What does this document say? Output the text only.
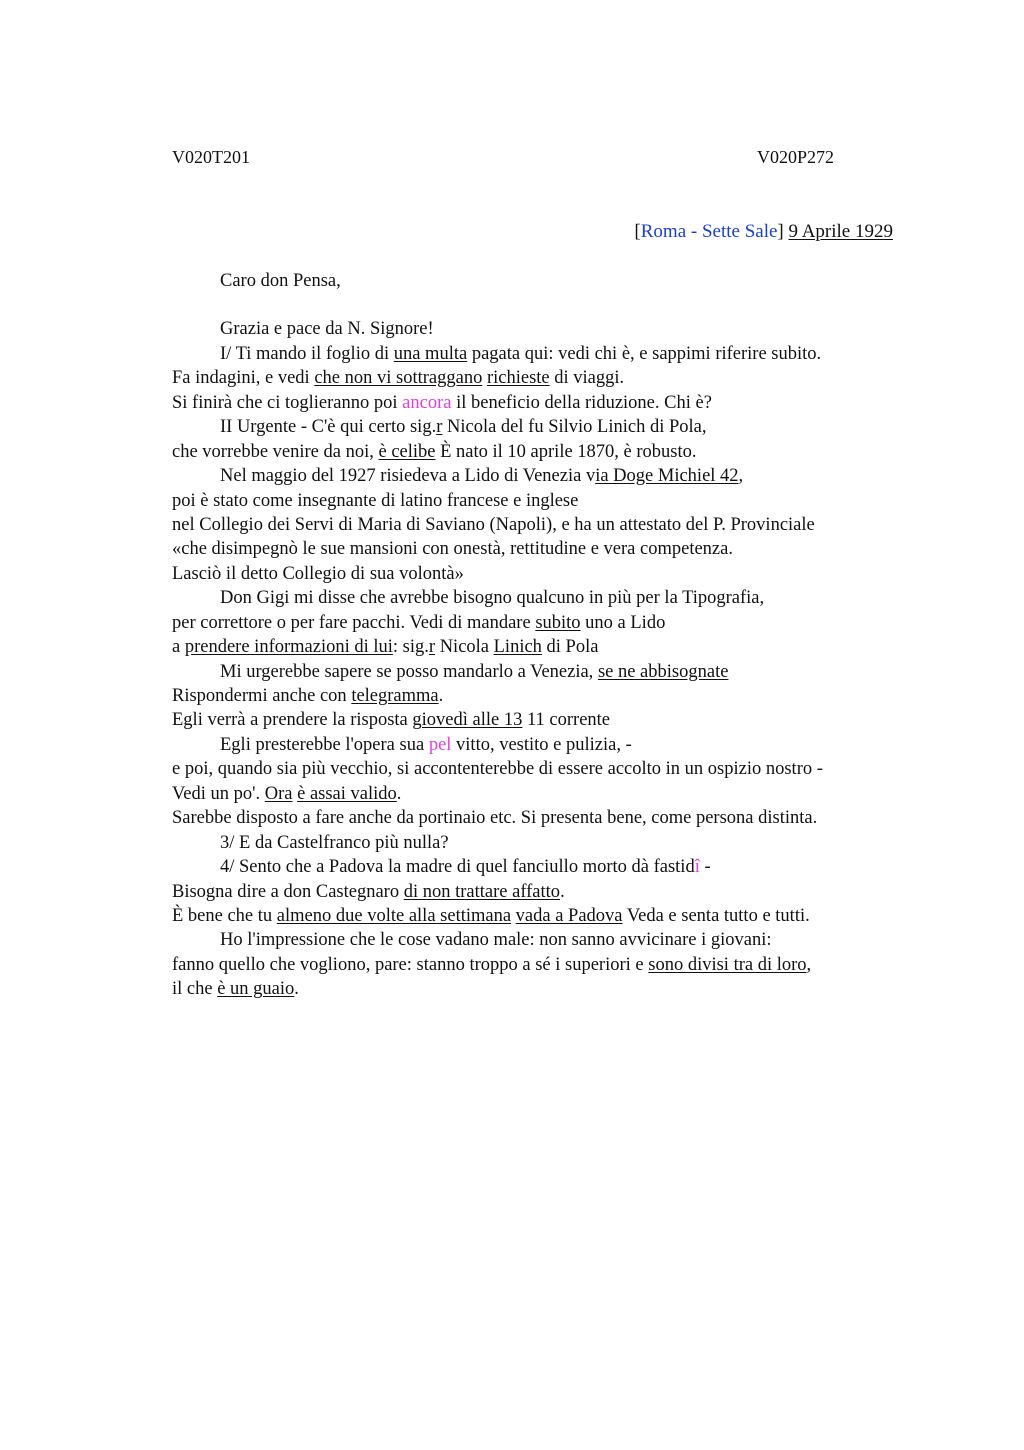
V020T201	V020P272
[Roma - Sette Sale] 9 Aprile 1929
Caro don Pensa,
Grazia e pace da N. Signore!
I/ Ti mando il foglio di una multa pagata qui: vedi chi è, e sappimi riferire subito.
Fa indagini, e vedi che non vi sottraggano richieste di viaggi.
Si finirà che ci toglieranno poi ancora il beneficio della riduzione. Chi è?
II Urgente - C'è qui certo sig.r Nicola del fu Silvio Linich di Pola,
che vorrebbe venire da noi, è celibe È nato il 10 aprile 1870, è robusto.
Nel maggio del 1927 risiedeva a Lido di Venezia via Doge Michiel 42,
poi è stato come insegnante di latino francese e inglese
nel Collegio dei Servi di Maria di Saviano (Napoli), e ha un attestato del P. Provinciale
«che disimpegnò le sue mansioni con onestà, rettitudine e vera competenza.
Lasciò il detto Collegio di sua volontà»
Don Gigi mi disse che avrebbe bisogno qualcuno in più per la Tipografia,
per correttore o per fare pacchi. Vedi di mandare subito uno a Lido
a prendere informazioni di lui: sig.r Nicola Linich di Pola
Mi urgerebbe sapere se posso mandarlo a Venezia, se ne abbisognate
Rispondermi anche con telegramma.
Egli verrà a prendere la risposta giovedì alle 13 11 corrente
Egli presterebbe l'opera sua pel vitto, vestito e pulizia, -
e poi, quando sia più vecchio, si accontenterebbe di essere accolto in un ospizio nostro -
Vedi un po'. Ora è assai valido.
Sarebbe disposto a fare anche da portinaio etc. Si presenta bene, come persona distinta.
3/ E da Castelfranco più nulla?
4/ Sento che a Padova la madre di quel fanciullo morto dà fastidî -
Bisogna dire a don Castegnaro di non trattare affatto.
È bene che tu almeno due volte alla settimana vada a Padova Veda e senta tutto e tutti.
Ho l'impressione che le cose vadano male: non sanno avvicinare i giovani:
fanno quello che vogliono, pare: stanno troppo a sé i superiori e sono divisi tra di loro,
il che è un guaio.
